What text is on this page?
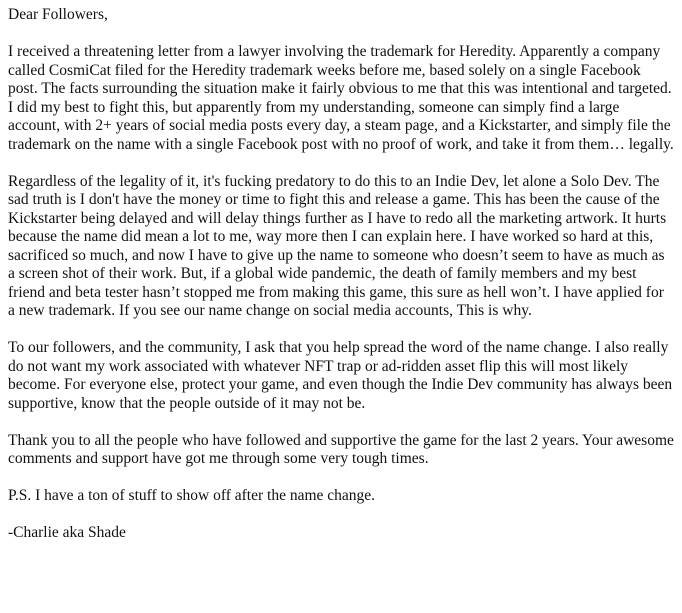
Dear Followers,

I received a threatening letter from a lawyer involving the trademark for Heredity. Apparently a company called CosmiCat filed for the Heredity trademark weeks before me, based solely on a single Facebook post. The facts surrounding the situation make it fairly obvious to me that this was intentional and targeted. I did my best to fight this, but apparently from my understanding, someone can simply find a large account, with 2+ years of social media posts every day, a steam page, and a Kickstarter, and simply file the trademark on the name with a single Facebook post with no proof of work, and take it from them… legally.

Regardless of the legality of it, it's fucking predatory to do this to an Indie Dev, let alone a Solo Dev. The sad truth is I don't have the money or time to fight this and release a game. This has been the cause of the Kickstarter being delayed and will delay things further as I have to redo all the marketing artwork. It hurts because the name did mean a lot to me, way more then I can explain here. I have worked so hard at this, sacrificed so much, and now I have to give up the name to someone who doesn’t seem to have as much as a screen shot of their work. But, if a global wide pandemic, the death of family members and my best friend and beta tester hasn’t stopped me from making this game, this sure as hell won’t. I have applied for a new trademark. If you see our name change on social media accounts, This is why.

To our followers, and the community, I ask that you help spread the word of the name change. I also really do not want my work associated with whatever NFT trap or ad-ridden asset flip this will most likely become. For everyone else, protect your game, and even though the Indie Dev community has always been supportive, know that the people outside of it may not be.

Thank you to all the people who have followed and supportive the game for the last 2 years. Your awesome comments and support have got me through some very tough times.

P.S. I have a ton of stuff to show off after the name change.

-Charlie aka Shade
